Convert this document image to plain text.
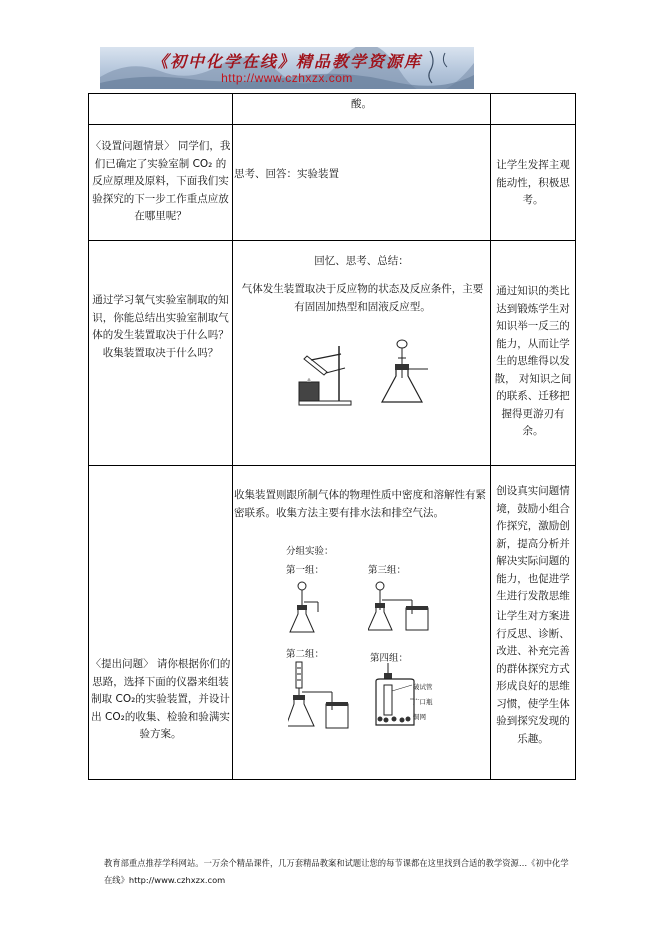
《初中化学在线》精品教学资源库
http://www.czhxzx.com
酸。
〈设置问题情景〉 同学们，我们已确定了实验室制 CO₂ 的反应原理及原料，下面我们实验探究的下一步工作重点应放在哪里呢？
思考、回答：实验装置
让学生发挥主观能动性，积极思考。
通过学习氧气实验室制取的知识，你能总结出实验室制取气体的发生装置取决于什么吗？收集装置取决于什么吗？
回忆、思考、总结：
气体发生装置取决于反应物的状态及反应条件，主要有固固加热型和固液反应型。
通过知识的类比达到锻炼学生对知识举一反三的能力，从而让学生的思维得以发散， 对知识之间的联系、迁移把握得更游刃有余。
〈提出问题〉 请你根据你们的思路，选择下面的仪器来组装制取 CO₂的实验装置，并设计出 CO₂的收集、检验和验满实验方案。
收集装置则跟所制气体的物理性质中密度和溶解性有紧密联系。收集方法主要有排水法和排空气法。
分组实验：
第一组：	第三组：
第二组：	第四组：
破试管
广口瓶
铜网
创设真实问题情境，鼓励小组合作探究，激励创新，提高分析并解决实际问题的能力，也促进学生进行发散思维
让学生对方案进行反思、诊断、改进、补充完善的群体探究方式形成良好的思维习惯，使学生体验到探究发现的乐趣。
教育部重点推荐学科网站。一万余个精品课件，几万套精品教案和试题让您的每节课都在这里找到合适的教学资源…《初中化学在线》http://www.czhxzx.com
